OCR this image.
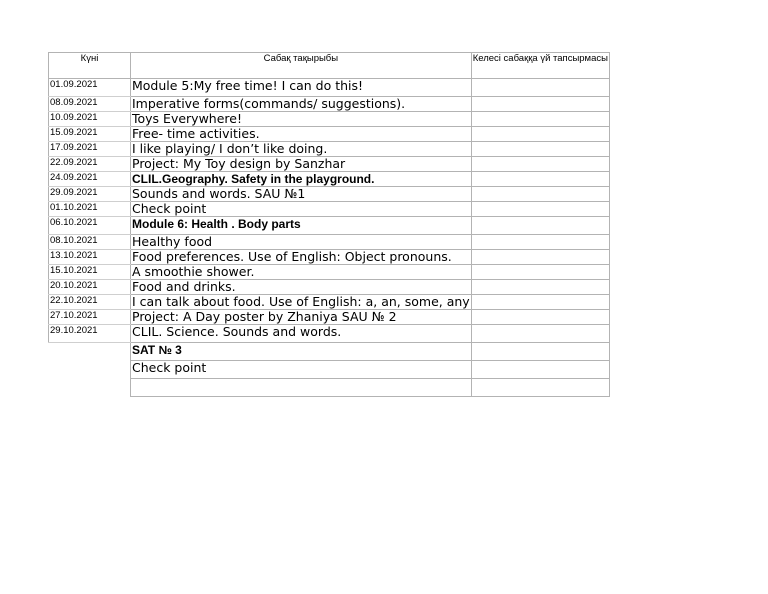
Күні	Сабақ тақырыбы	Келесі сабаққа үй тапсырмасы
01.09.2021	Module 5:My free time! I can do this!	
08.09.2021	Imperative forms(commands/ suggestions).	
10.09.2021	Toys Everywhere!	
15.09.2021	Free- time activities.	
17.09.2021	I like playing/ I don’t like doing.	
22.09.2021	Project: My Toy design by Sanzhar	
24.09.2021	CLIL.Geography. Safety in the playground.	
29.09.2021	Sounds and words. SAU №1	
01.10.2021	Check point	
06.10.2021	Module 6: Health . Body parts	
08.10.2021	Healthy food	
13.10.2021	Food preferences. Use of English: Object pronouns.	
15.10.2021	A smoothie shower.	
20.10.2021	Food and drinks.	
22.10.2021	I can talk about food. Use of English: a, an, some, any	
27.10.2021	Project: A Day poster by Zhaniya SAU № 2	
29.10.2021	CLIL. Science. Sounds and words.	
	SAT № 3	
	Check point	
